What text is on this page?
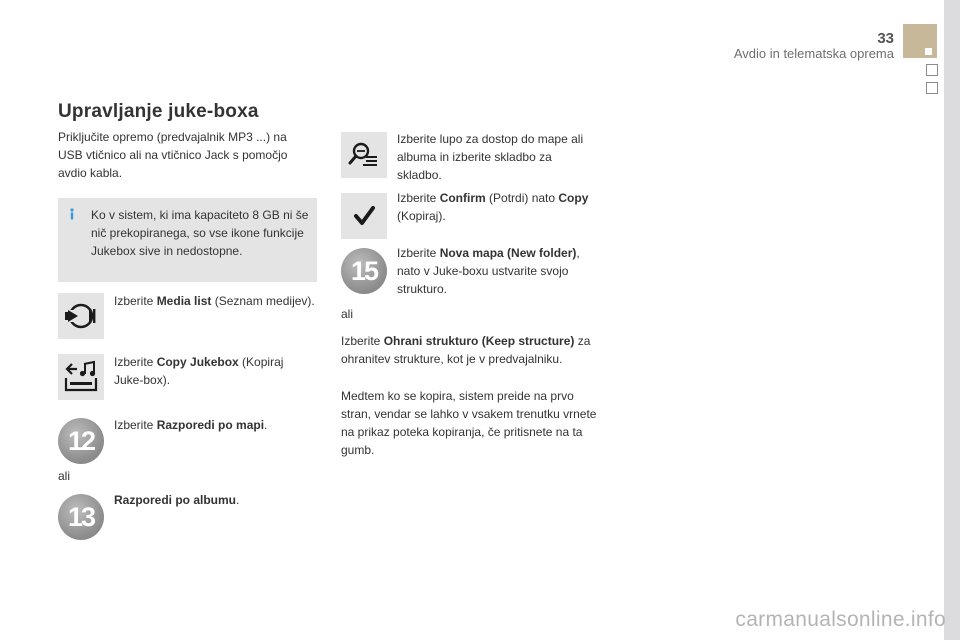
33
Avdio in telematska oprema
Upravljanje juke-boxa
Priključite opremo (predvajalnik MP3 ...) na USB vtičnico ali na vtičnico Jack s pomočjo avdio kabla.
Ko v sistem, ki ima kapaciteto 8 GB ni še nič prekopiranega, so vse ikone funkcije Jukebox sive in nedostopne.
Izberite Media list (Seznam medijev).
Izberite Copy Jukebox (Kopiraj Juke-box).
12
Izberite Razporedi po mapi.
ali
13
Razporedi po albumu.
Izberite lupo za dostop do mape ali albuma in izberite skladbo za skladbo.
Izberite Confirm (Potrdi) nato Copy (Kopiraj).
15
Izberite Nova mapa (New folder), nato v Juke-boxu ustvarite svojo strukturo.
ali
Izberite Ohrani strukturo (Keep structure) za ohranitev strukture, kot je v predvajalniku.
Medtem ko se kopira, sistem preide na prvo stran, vendar se lahko v vsakem trenutku vrnete na prikaz poteka kopiranja, če pritisnete na ta gumb.
carmanualsonline.info
